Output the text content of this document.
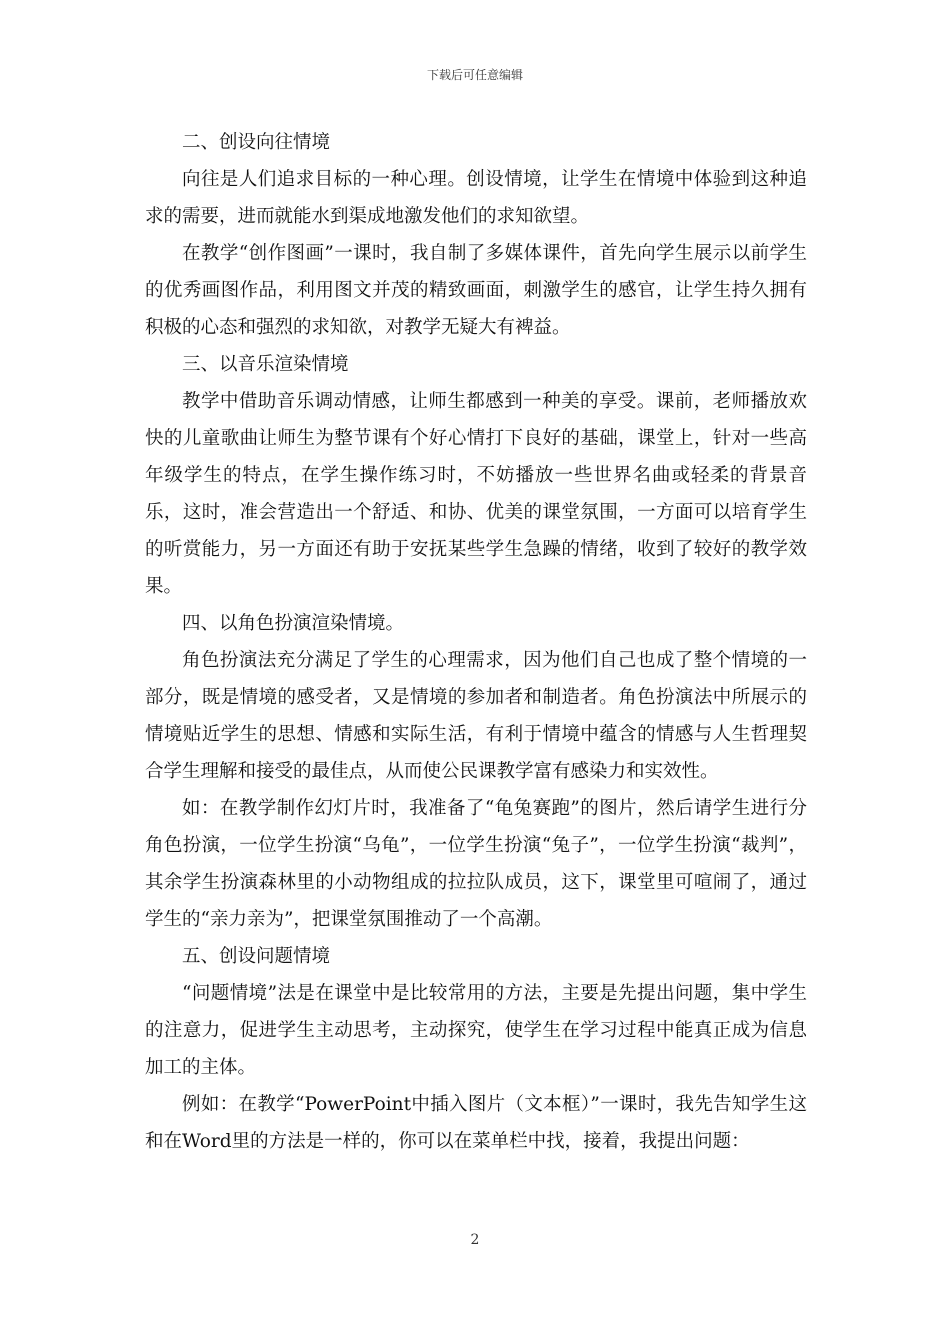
下载后可任意编辑

二、创设向往情境

向往是人们追求目标的一种心理。创设情境，让学生在情境中体验到这种追求的需要，进而就能水到渠成地激发他们的求知欲望。

在教学“创作图画”一课时，我自制了多媒体课件，首先向学生展示以前学生的优秀画图作品，利用图文并茂的精致画面，刺激学生的感官，让学生持久拥有积极的心态和强烈的求知欲，对教学无疑大有裨益。

三、以音乐渲染情境

教学中借助音乐调动情感，让师生都感到一种美的享受。课前，老师播放欢快的儿童歌曲让师生为整节课有个好心情打下良好的基础，课堂上，针对一些高年级学生的特点，在学生操作练习时，不妨播放一些世界名曲或轻柔的背景音乐，这时，准会营造出一个舒适、和协、优美的课堂氛围，一方面可以培育学生的听赏能力，另一方面还有助于安抚某些学生急躁的情绪，收到了较好的教学效果。

四、以角色扮演渲染情境。

角色扮演法充分满足了学生的心理需求，因为他们自己也成了整个情境的一部分，既是情境的感受者，又是情境的参加者和制造者。角色扮演法中所展示的情境贴近学生的思想、情感和实际生活，有利于情境中蕴含的情感与人生哲理契合学生理解和接受的最佳点，从而使公民课教学富有感染力和实效性。

如：在教学制作幻灯片时，我准备了“龟兔赛跑”的图片，然后请学生进行分角色扮演，一位学生扮演“乌龟”，一位学生扮演“兔子”，一位学生扮演“裁判”，其余学生扮演森林里的小动物组成的拉拉队成员，这下，课堂里可喧闹了，通过学生的“亲力亲为”，把课堂氛围推动了一个高潮。

五、创设问题情境

“问题情境”法是在课堂中是比较常用的方法，主要是先提出问题，集中学生的注意力，促进学生主动思考，主动探究，使学生在学习过程中能真正成为信息加工的主体。

例如：在教学“PowerPoint中插入图片（文本框）”一课时，我先告知学生这和在Word里的方法是一样的，你可以在菜单栏中找，接着，我提出问题：

2
